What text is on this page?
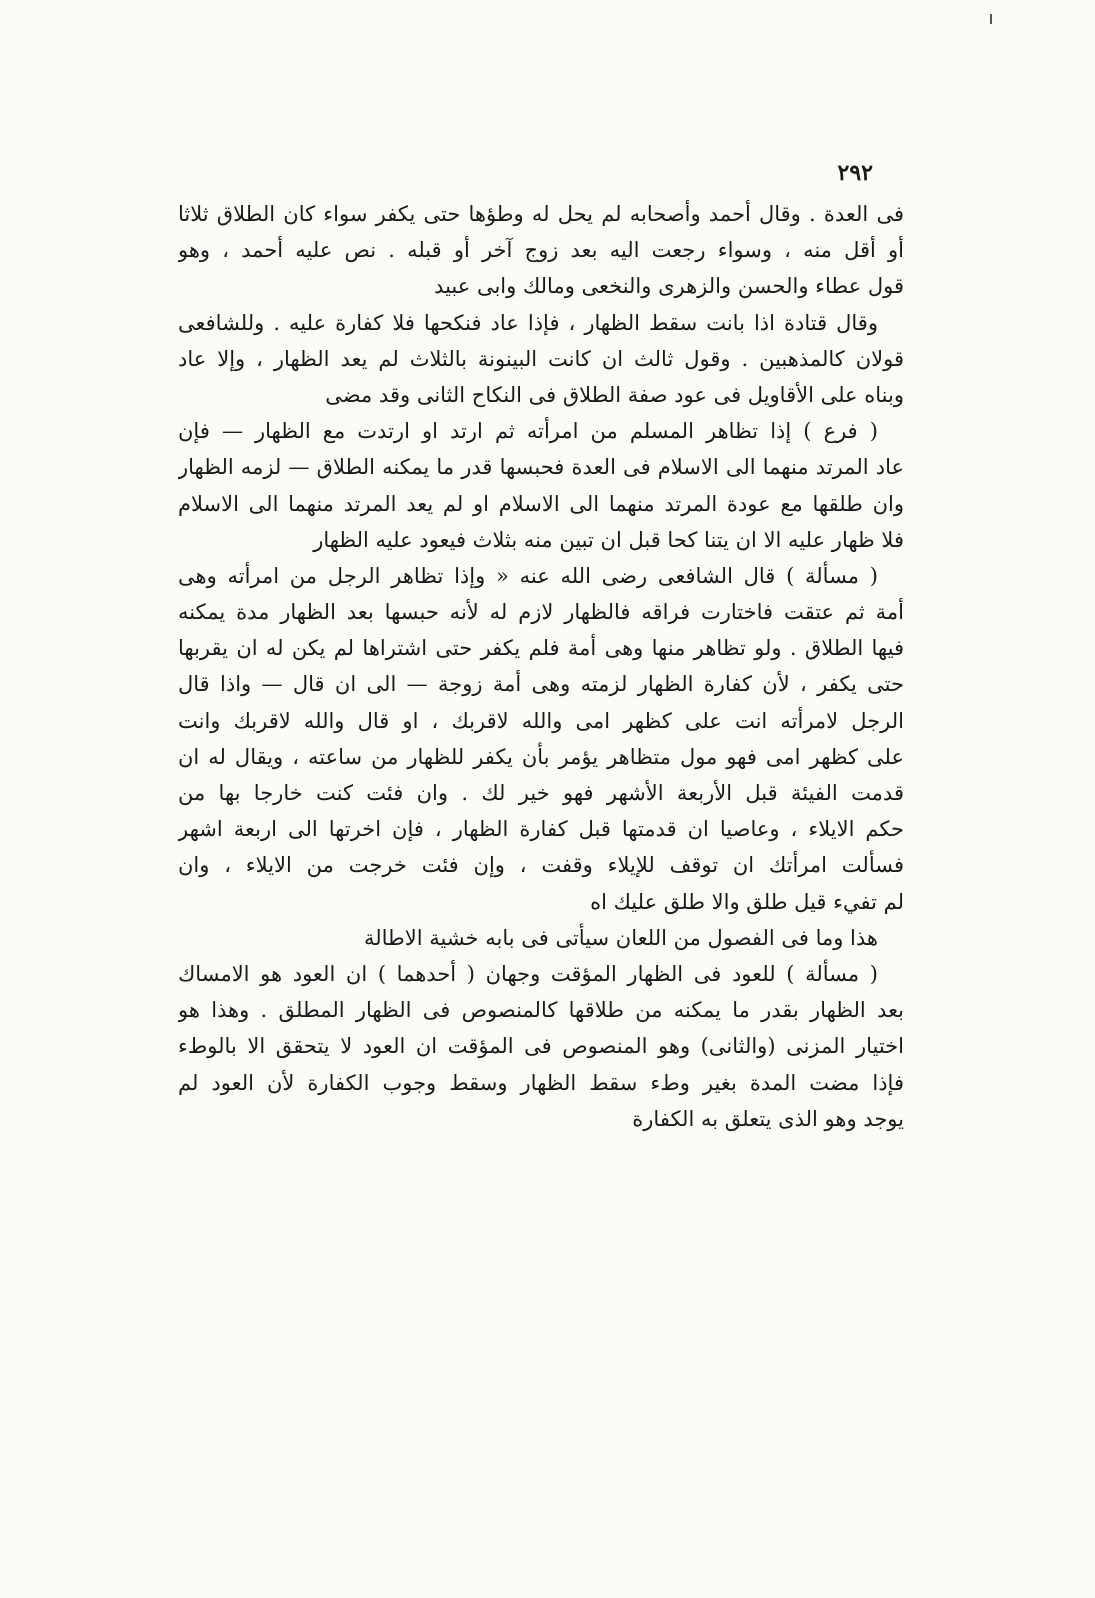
٢٩٢
فى العدة . وقال أحمد وأصحابه لم يحل له وطؤها حتى يكفر سواء كان الطلاق ثلاثا
أو أقل منه ، وسواء رجعت اليه بعد زوج آخر أو قبله . نص عليه أحمد ، وهو
قول عطاء والحسن والزهرى والنخعى ومالك وابى عبيد
وقال قتادة اذا بانت سقط الظهار ، فإذا عاد فنكحها فلا كفارة عليه . وللشافعى
قولان كالمذهبين . وقول ثالث ان كانت البينونة بالثلاث لم يعد الظهار ، وإلا عاد
وبناه على الأقاويل فى عود صفة الطلاق فى النكاح الثانى وقد مضى
( فرع ) إذا تظاهر المسلم من امرأته ثم ارتد او ارتدت مع الظهار — فإن
عاد المرتد منهما الى الاسلام فى العدة فحبسها قدر ما يمكنه الطلاق — لزمه الظهار
وان طلقها مع عودة المرتد منهما الى الاسلام او لم يعد المرتد منهما الى الاسلام
فلا ظهار عليه الا ان يتنا كحا قبل ان تبين منه بثلاث فيعود عليه الظهار
( مسألة ) قال الشافعى رضى الله عنه « وإذا تظاهر الرجل من امرأته وهى
أمة ثم عتقت فاختارت فراقه فالظهار لازم له لأنه حبسها بعد الظهار مدة يمكنه
فيها الطلاق . ولو تظاهر منها وهى أمة فلم يكفر حتى اشتراها لم يكن له ان يقربها
حتى يكفر ، لأن كفارة الظهار لزمته وهى أمة زوجة — الى ان قال — واذا قال
الرجل لامرأته انت على كظهر امى والله لاقربك ، او قال والله لاقربك وانت
على كظهر امى فهو مول متظاهر يؤمر بأن يكفر للظهار من ساعته ، ويقال له ان
قدمت الفيئة قبل الأربعة الأشهر فهو خير لك . وان فئت كنت خارجا بها من
حكم الايلاء ، وعاصيا ان قدمتها قبل كفارة الظهار ، فإن اخرتها الى اربعة اشهر
فسألت امرأتك ان توقف للإيلاء وقفت ، وإن فئت خرجت من الايلاء ، وان
لم تفيء قيل طلق والا طلق عليك اه
هذا وما فى الفصول من اللعان سيأتى فى بابه خشية الاطالة
( مسألة ) للعود فى الظهار المؤقت وجهان ( أحدهما ) ان العود هو الامساك
بعد الظهار بقدر ما يمكنه من طلاقها كالمنصوص فى الظهار المطلق . وهذا هو
اختيار المزنى (والثانى) وهو المنصوص فى المؤقت ان العود لا يتحقق الا بالوطء
فإذا مضت المدة بغير وطء سقط الظهار وسقط وجوب الكفارة لأن العود لم
يوجد وهو الذى يتعلق به الكفارة
